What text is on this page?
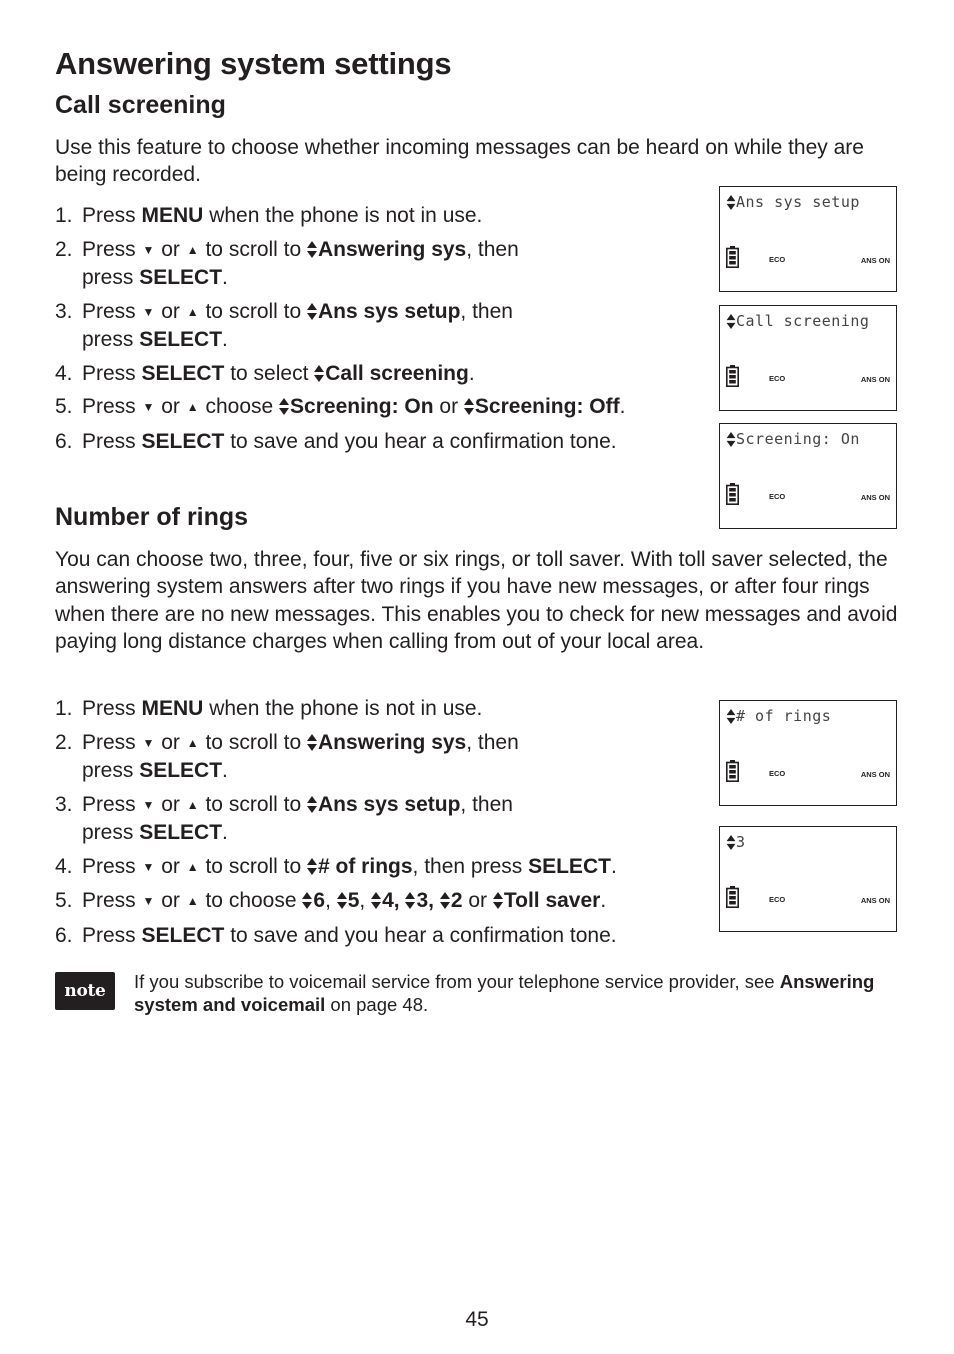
Answering system settings
Call screening
Use this feature to choose whether incoming messages can be heard on while they are being recorded.
1. Press MENU when the phone is not in use.
2. Press ▼ or ▲ to scroll to Answering sys, then
press SELECT.
3. Press ▼ or ▲ to scroll to Ans sys setup, then
press SELECT.
4. Press SELECT to select Call screening.
5. Press ▼ or ▲ choose Screening: On or Screening: Off.
6. Press SELECT to save and you hear a confirmation tone.
Ans sys setup
ECO	ANS ON
Call screening
ECO	ANS ON
Screening: On
ECO	ANS ON
Number of rings
You can choose two, three, four, five or six rings, or toll saver. With toll saver selected, the answering system answers after two rings if you have new messages, or after four rings when there are no new messages. This enables you to check for new messages and avoid paying long distance charges when calling from out of your local area.
1. Press MENU when the phone is not in use.
2. Press ▼ or ▲ to scroll to Answering sys, then
press SELECT.
3. Press ▼ or ▲ to scroll to Ans sys setup, then
press SELECT.
4. Press ▼ or ▲ to scroll to # of rings, then press SELECT.
5. Press ▼ or ▲ to choose 6, 5, 4, 3, 2 or Toll saver.
6. Press SELECT to save and you hear a confirmation tone.
# of rings
ECO	ANS ON
3
ECO	ANS ON
note	If you subscribe to voicemail service from your telephone service provider, see Answering system and voicemail on page 48.
45
